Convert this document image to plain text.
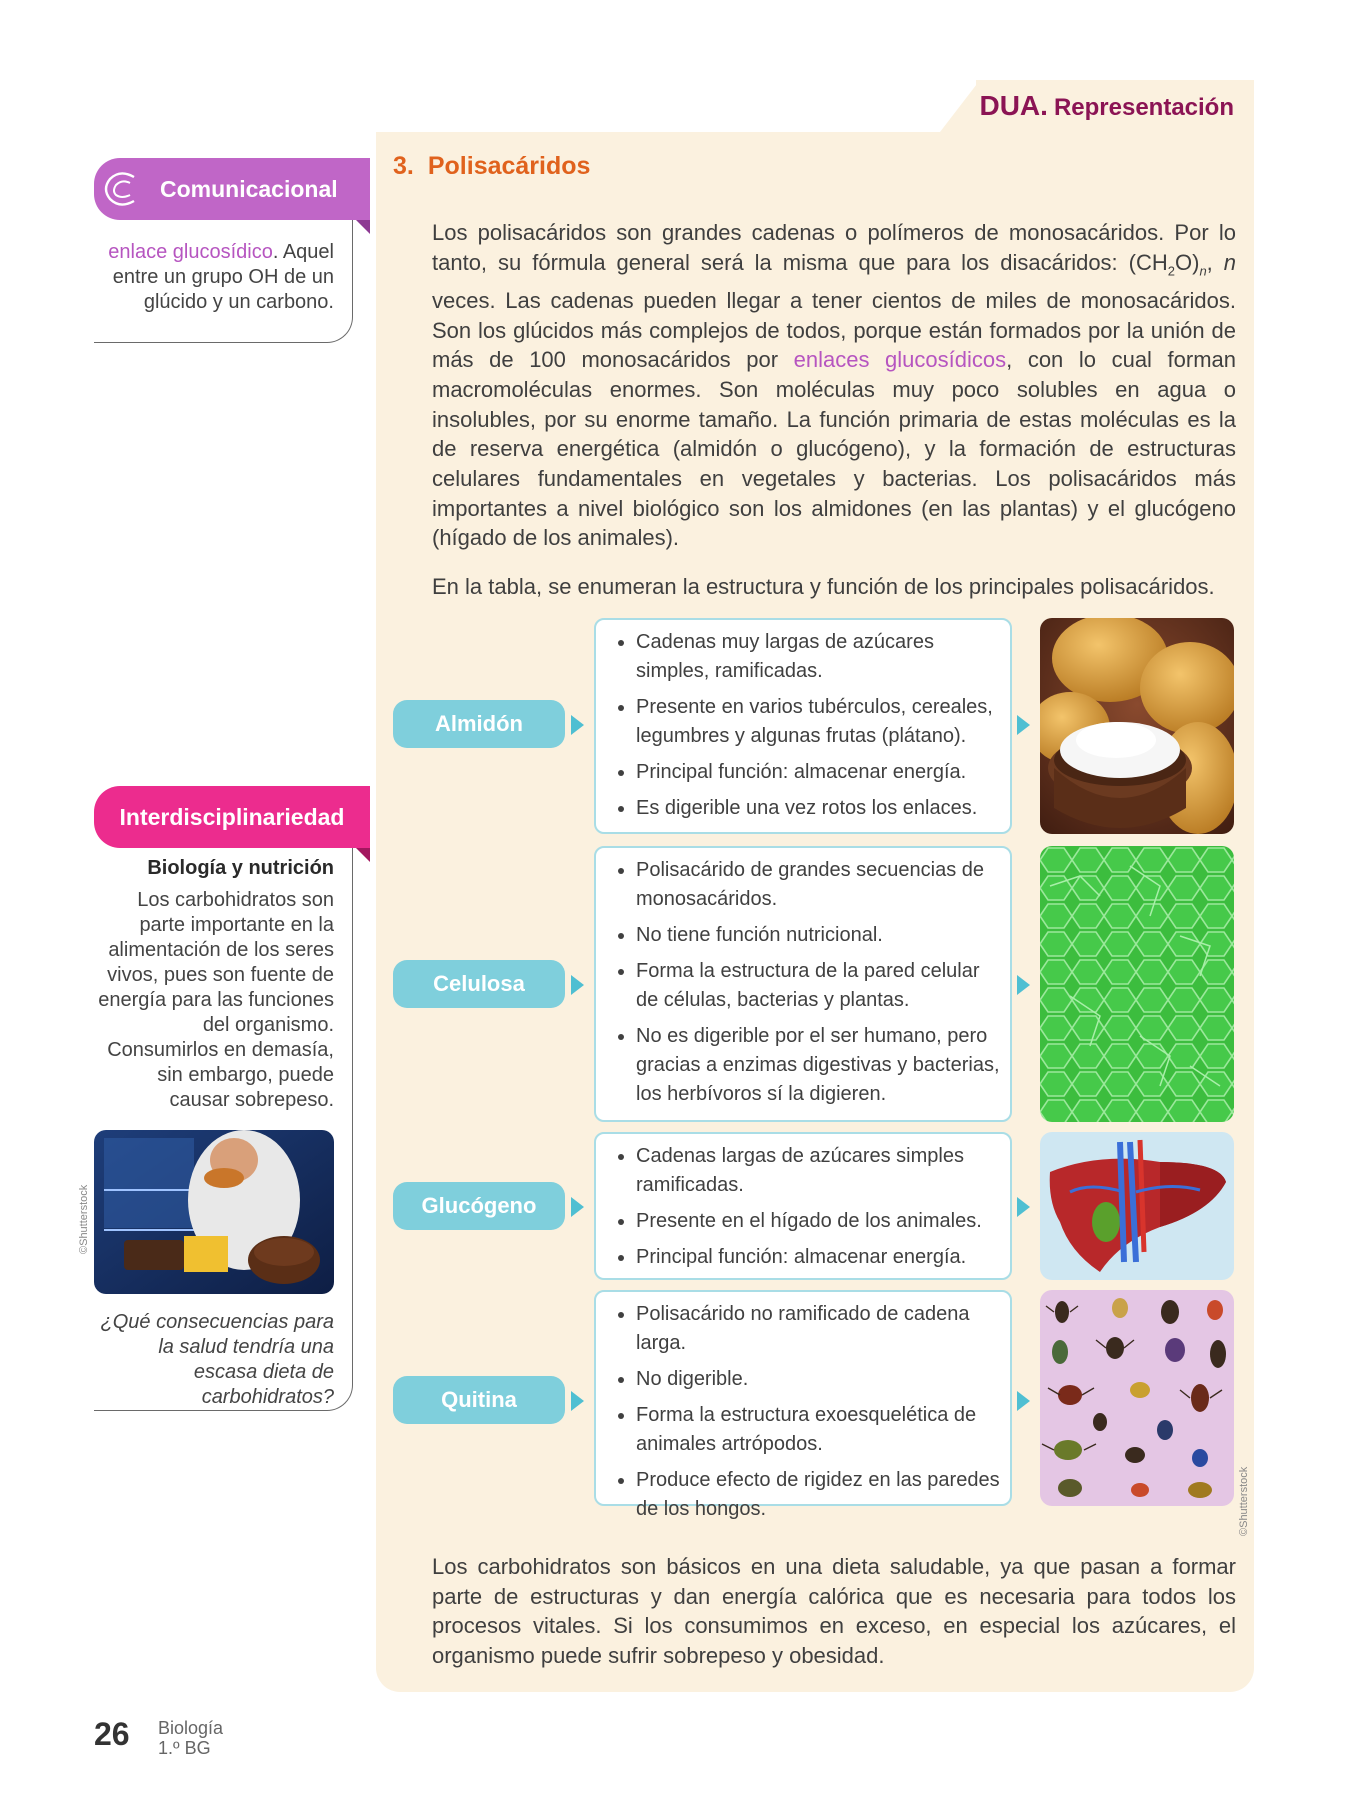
DUA. Representación
3. Polisacáridos
Los polisacáridos son grandes cadenas o polímeros de monosacáridos. Por lo tanto, su fórmula general será la misma que para los disacáridos: $(CH_2O)_n$, n veces. Las cadenas pueden llegar a tener cientos de miles de monosacáridos. Son los glúcidos más complejos de todos, porque están formados por la unión de más de 100 monosacáridos por enlaces glucosídicos, con lo cual forman macromoléculas enormes. Son moléculas muy poco solubles en agua o insolubles, por su enorme tamaño. La función primaria de estas moléculas es la de reserva energética (almidón o glucógeno), y la formación de estructuras celulares fundamentales en vegetales y bacterias. Los polisacáridos más importantes a nivel biológico son los almidones (en las plantas) y el glucógeno (hígado de los animales).
En la tabla, se enumeran la estructura y función de los principales polisacáridos.
Almidón
• Cadenas muy largas de azúcares simples, ramificadas.
• Presente en varios tubérculos, cereales, legumbres y algunas frutas (plátano).
• Principal función: almacenar energía.
• Es digerible una vez rotos los enlaces.
Celulosa
• Polisacárido de grandes secuencias de monosacáridos.
• No tiene función nutricional.
• Forma la estructura de la pared celular de células, bacterias y plantas.
• No es digerible por el ser humano, pero gracias a enzimas digestivas y bacterias, los herbívoros sí la digieren.
Glucógeno
• Cadenas largas de azúcares simples ramificadas.
• Presente en el hígado de los animales.
• Principal función: almacenar energía.
Quitina
• Polisacárido no ramificado de cadena larga.
• No digerible.
• Forma la estructura exoesquelética de animales artrópodos.
• Produce efecto de rigidez en las paredes de los hongos.	©Shutterstock
Los carbohidratos son básicos en una dieta saludable, ya que pasan a formar parte de estructuras y dan energía calórica que es necesaria para todos los procesos vitales. Si los consumimos en exceso, en especial los azúcares, el organismo puede sufrir sobrepeso y obesidad.
Comunicacional
enlace glucosídico. Aquel entre un grupo OH de un glúcido y un carbono.
Interdisciplinariedad
Biología y nutrición
Los carbohidratos son parte importante en la alimentación de los seres vivos, pues son fuente de energía para las funciones del organismo. Consumirlos en demasía, sin embargo, puede causar sobrepeso.
©Shutterstock
¿Qué consecuencias para la salud tendría una escasa dieta de carbohidratos?
26 Biología
1.º BG
